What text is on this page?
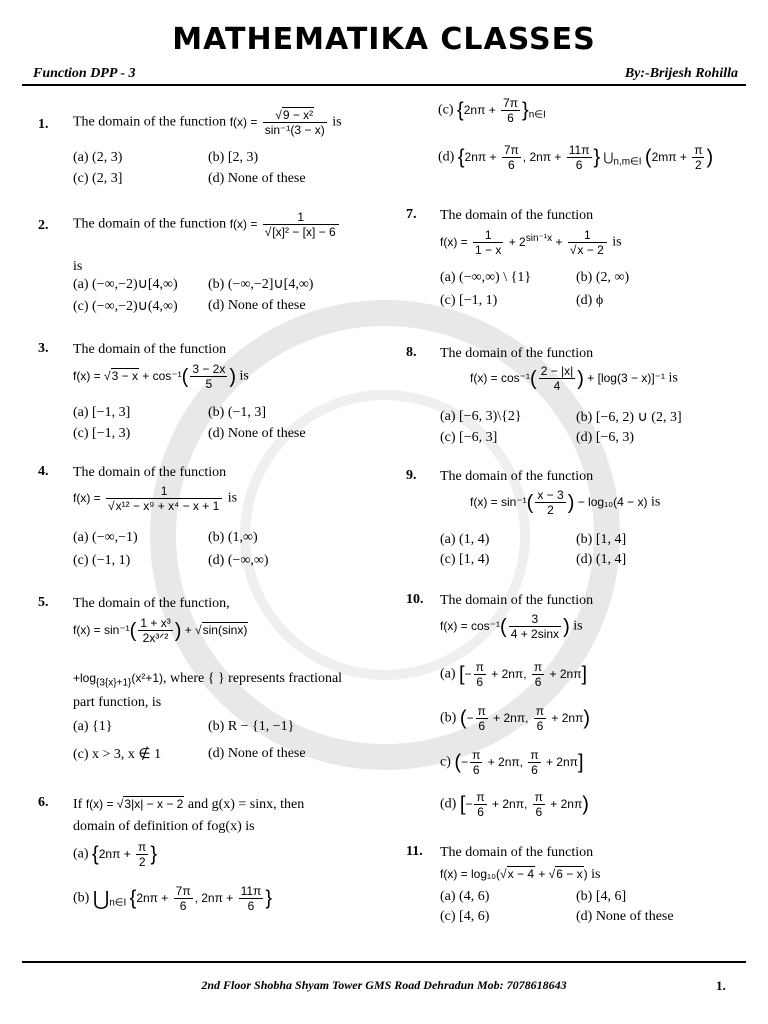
MATHEMATIKA CLASSES
Function DPP - 3	By:-Brijesh Rohilla
1. The domain of the function $f(x) = \frac{\text{√9 − x²}}{\text{sin⁻¹(3 − x)}}$ is
(a) (2, 3)	(b) [2, 3)
(c) (2, 3]	(d) None of these
2. The domain of the function $f(x) = \frac{1}{\text{√[x]² − [x] − 6}}$
is
(a) (−∞,−2)∪[4,∞) (b) (−∞,−2]∪[4,∞)
(c) (−∞,−2)∪(4,∞) (d) None of these
3. The domain of the function
$f(x) = √3 - x + \cos^{-1}( \frac{3 - 2x}{5}$ ) is
(a) [−1, 3]	(b) (−1, 3]
(c) [−1, 3)	(d) None of these
4. The domain of the function
$f(x) = \frac{1}{\text{√x¹² − x⁹ + x⁴ − x + 1}}$ is
(a) (−∞,−1)	(b) (1,∞)
(c) (−1, 1)	(d) (−∞,∞)
5. The domain of the function,
$f(x) = \sin^{-1}( \frac{\text{1 + x³}}{\text{2x³ᐟ²}}$ ) + √sin(sinx)
$+\log_{\{3\{x\}+1\}}(x^2+1)$, where { } represents fractional
part function, is
(a) {1}	(b) R − {1, −1}
(c) x > 3, x ∉ 1	(d) None of these
6. If f(x) = √3|x| − x − 2 and g(x) = sinx, then
domain of definition of fog(x) is
(a) {$2n\pi + \frac{\pi}{2}$ }
(b) $⋃_{n\in I}$ {$2n\pi + \frac{7\pi}{6}$ , $2n\pi + \frac{11\pi}{6}$ }
(c) $\{2n\pi + \frac{7\pi}{6} \}_{n\in I}$
(d) {$2n\pi + \frac{7\pi}{6}$ , $2n\pi + \frac{11\pi}{6}$ } $⋃_{n,m\in I}$ ($2m\pi + \frac{\pi}{2}$ )
7. The domain of the function
$f(x) = \frac{1}{1 - x} + 2^{sin^{-1}x} + \frac{1}{√x - 2}$ is
(a) (−∞,∞) \ {1}	(b) (2, ∞)
(c) [−1, 1)	(d) ϕ
8. The domain of the function
$f(x) = \cos^{-1}( \frac{2 - |x|}{4}$ ) + [log(3 − x)]⁻¹ is
(a) [−6, 3)\{2}	(b) [−6, 2) ∪ (2, 3]
(c) [−6, 3]	(d) [−6, 3)
9. The domain of the function
$f(x) = \sin^{-1}( \frac{x - 3}{2}$ ) − log₁₀(4 − x) is
(a) (1, 4)	(b) [1, 4]
(c) [1, 4)	(d) (1, 4]
10. The domain of the function
$f(x) = \cos^{-1}( \frac{3}{4 + 2\sin x}$ ) is
(a) [− $\frac{\pi}{6} + 2n\pi$, $\frac{\pi}{6} + 2n\pi$]
(b) (− $\frac{\pi}{6} + 2n\pi$, $\frac{\pi}{6} + 2n\pi$)
c) (− $\frac{\pi}{6} + 2n\pi$, $\frac{\pi}{6} + 2n\pi$]
(d) [− $\frac{\pi}{6} + 2n\pi$, $\frac{\pi}{6} + 2n\pi$)
11. The domain of the function
f(x) = log₁₀(√x − 4 + √6 − x) is
(a) (4, 6)	(b) [4, 6]
(c) [4, 6)	(d) None of these
2nd Floor Shobha Shyam Tower GMS Road Dehradun Mob: 7078618643	1.
